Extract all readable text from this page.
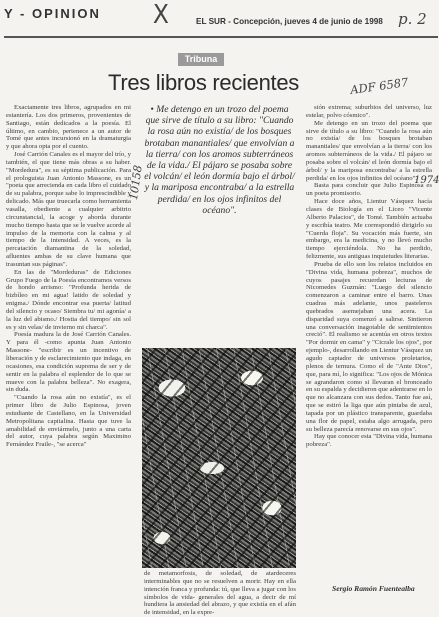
Y - OPINION X	EL SUR - Concepción, jueves 4 de junio de 1998 p. 2
Tribuna
Tres libros recientes	ADF 6587

Exactamente tres libros, agrupados en mi estantería. Los dos primeros, provenientes de Santiago, están dedicados a la poesía. El último, en cambio, pertenece a un autor de Tomé que antes incursionó en la dramaturgia y que ahora opta por el cuento.

José Carrión Canales es el mayor del trío, y también, el que tiene más obras a su haber. "Mordedura", es su séptima publicación. Para el prologuista Juan Antonio Massone, es un "poeta que arrecienda en cada libro el cuidado de su palabra, porque sabe lo imprescindible y delicado. Más que truecarla como herramienta vasalla, obediente a cualquier arbitrio circunstancial, la acoge y aborda durante mucho tiempo hasta que se le vuelve acorde al impulso de la memoria con la calma y al tiempo de la intensidad. A veces, es la percatación diamantina de la soledad, afluentes ambas de su clave humana que trasuntan sus páginas".

En las de "Mordeduras" de Ediciones Grupo Fuego de la Poesía encontramos versos de hondo arrismo: "Profunda herida de bizbíleo en mi agua! latido de soledad y enigma./ Dónde encontrar esa puerta/ latitud del silencio y ocaso/ Siembra tu/ mi agonía/ a la luz del abismo./ Hostia del tiempo/ sin sol es y sin velas/ de invierno mi charca".

Poesía madura la de José Carrión Canales. Y para él -como apunta Juan Antonio Massone- "escribir es un incentivo de liberación y de esclarecimiento que indaga, en ocasiones, esa condición suprema de ser y de sentir en la palabra el esplendor de lo que se mueve con la palabra belleza". No exagera, sin duda.

"Cuando la rosa aún no existía", es el primer libro de Julio Espinosa, joven estudiante de Castellano, en la Universidad Metropolitana capitalina. Hasta que tuve la amabilidad de enviármelo, junto a una carta del autor, cuya palabra según Maximino Fernández Fraile-, "se acerca"

• Me detengo en un trozo del poema que sirve de título a su libro: "Cuando la rosa aún no existía/ de los bosques brotaban manantiales/ que envolvían a la tierra/ con los aromos subterráneos de la vida./ El pájaro se posaba sobre el volcán/ el león dormía bajo el árbol/ y la mariposa encontraba/ a la estrella perdida/ en los ojos infinitos del océano".
10158	1974

de metamorfosis, de soledad, de atardeceres interminables que no se resuelven a morir. Hay en ella intención franca y profunda: tú, que lleva a jugar con los símbolos de vida- generales del agua, a decir de mí hundiera la ansiedad del abrazo, y que existía en el afán de intensidad, en la expre-

sión extrema; suburbios del universo, luz estelar, polvo cósmico".

Me detengo en un trozo del poema que sirve de título a su libro: "Cuando la rosa aún no existía/ de los bosques brotaban manantiales/ que envolvían a la tierra/ con los aromos subterráneos de la vida./ El pájaro se posaba sobre el volcán/ el león dormía bajo el árbol/ y la mariposa encontraba/ a la estrella perdida/ en los ojos infinitos del océano".

Basta para concluir que Julio Espinosa es un poeta promisorio.

Hace doce años, Lientur Vásquez hacía clases de Biología en el Liceo "Vicente Alberto Palacios", de Tomé. También actuaba y escribía teatro. Me correspondió dirigirlo su "Cuerda floja". Su vocación más fuerte, sin embargo, era la medicina, y no llevó mucho tiempo ejerciéndola. No ha perdido, felizmente, sus antiguas inquietudes literarias.

Prueba de ello son los relatos incluidos en "Divina vida, humana pobreza", muchos de cuyos pasajes recuerdan lecturas de Nicomedes Guzmán: "Luego del silencio comenzaron a caminar entre el barro. Unas cuadras más adelante, unos pasteleros quebrados asemejaban una acera. La disparidad suya comenzó a salirse. Sintieron una conversación inagotable de sentimientos creció". El realismo se acentúa en otros textos "Por dormir en cama" y "Cicrale los ojos", por ejemplo-, desarrollando en Lientur Vásquez un agudo captador de universos proletarios, plenos de ternura. Como el de "Ante Dios", que, para mí, lo significa: "Los ojos de Mónica se agrandaron como si llevaran el bronceado en su espalda y decidieron que adentrarse en lo que no alcanzara con sus dedos. Tanto fue así, que se estiró la liga que aún pintaba de azul, tapada por un plástico transparente, guardaba una flor de papel, estaba algo arrugada, pero su belleza parecía renovarse en sus ojos".

Hay que conocer esta "Divina vida, humana pobreza".

Sergio Ramón Fuentealba
